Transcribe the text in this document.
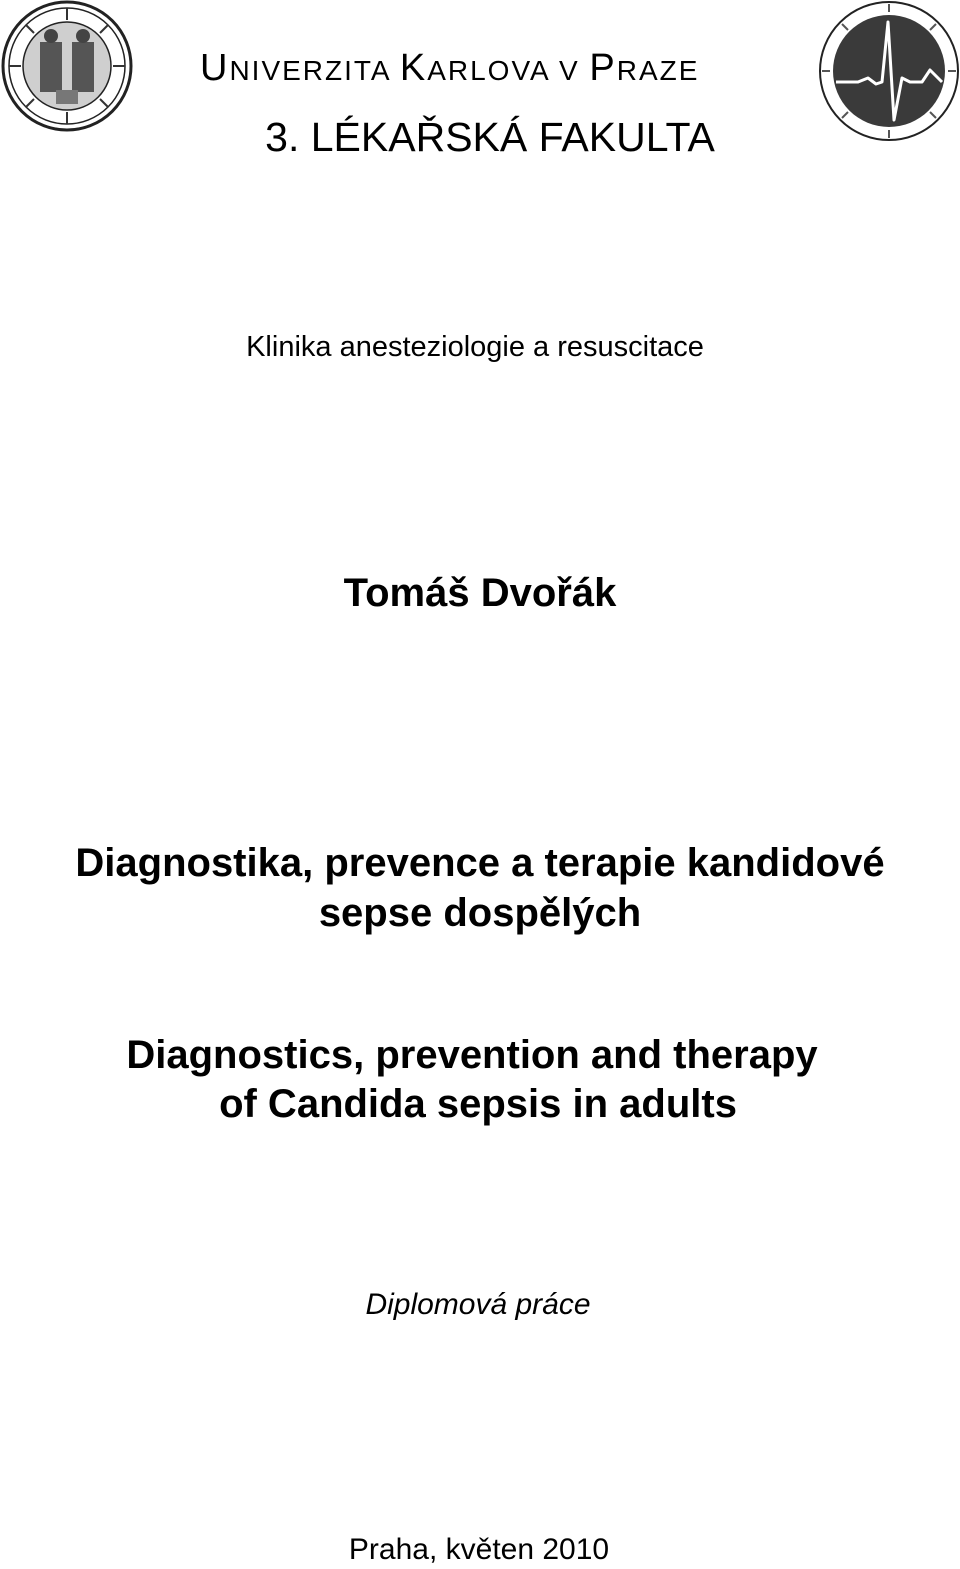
UNIVERZITA KARLOVA V PRAZE
3. LÉKAŘSKÁ FAKULTA
Klinika anesteziologie a resuscitace
Tomáš Dvořák
Diagnostika, prevence a terapie kandidové
sepse dospělých
Diagnostics, prevention and therapy
of Candida sepsis in adults
Diplomová práce
Praha, květen 2010
